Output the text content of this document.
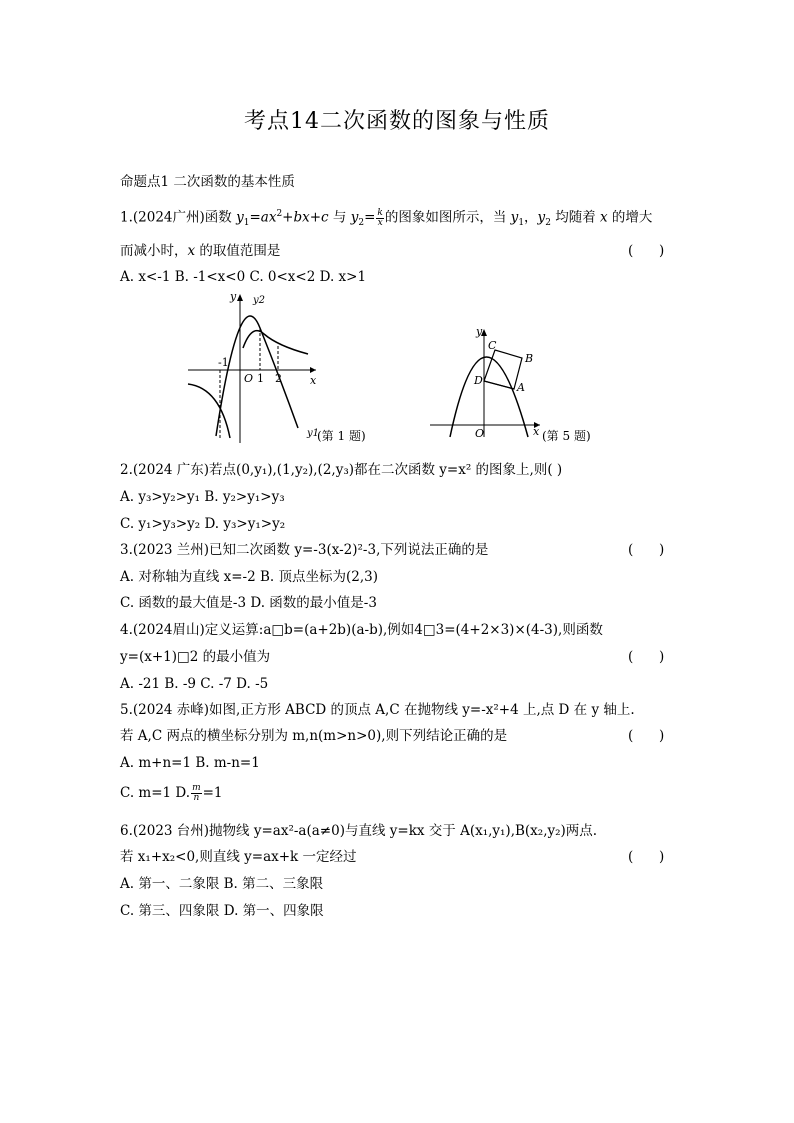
考点14二次函数的图象与性质
命题点1 二次函数的基本性质
1.(2024广州)函数 $y_1=ax^2+bx+c$ 与 $y_2= \frac{k}{x}$ 的图象如图所示，当 $y_1$，$y_2$ 均随着 x 的增大
而减小时，x 的取值范围是	(      )
A. x<-1 B. -1<x<0 C. 0<x<2 D. x>1
y y2
-1
O 1 2	x
y1
(第 1 题)
y
C
B
D
A
O	x (第 5 题)
2.(2024 广东)若点(0,y₁),(1,y₂),(2,y₃)都在二次函数 y=x² 的图象上,则( )
A. y₃>y₂>y₁ B. y₂>y₁>y₃
C. y₁>y₃>y₂ D. y₃>y₁>y₂
3.(2023 兰州)已知二次函数 y=-3(x-2)²-3,下列说法正确的是	(      )
A. 对称轴为直线 x=-2 B. 顶点坐标为(2,3)
C. 函数的最大值是-3 D. 函数的最小值是-3
4.(2024眉山)定义运算:a□b=(a+2b)(a-b),例如4□3=(4+2×3)×(4-3),则函数
y=(x+1)□2 的最小值为	(      )
A. -21 B. -9 C. -7 D. -5
5.(2024 赤峰)如图,正方形 ABCD 的顶点 A,C 在抛物线 y=-x²+4 上,点 D 在 y 轴上.
若 A,C 两点的横坐标分别为 m,n(m>n>0),则下列结论正确的是	(      )
A. m+n=1 B. m-n=1
C. m=1 D. $\frac{m}{n} =1$
6.(2023 台州)抛物线 y=ax²-a(a≠0)与直线 y=kx 交于 A(x₁,y₁),B(x₂,y₂)两点.
若 x₁+x₂<0,则直线 y=ax+k 一定经过	(      )
A. 第一、二象限 B. 第二、三象限
C. 第三、四象限 D. 第一、四象限
